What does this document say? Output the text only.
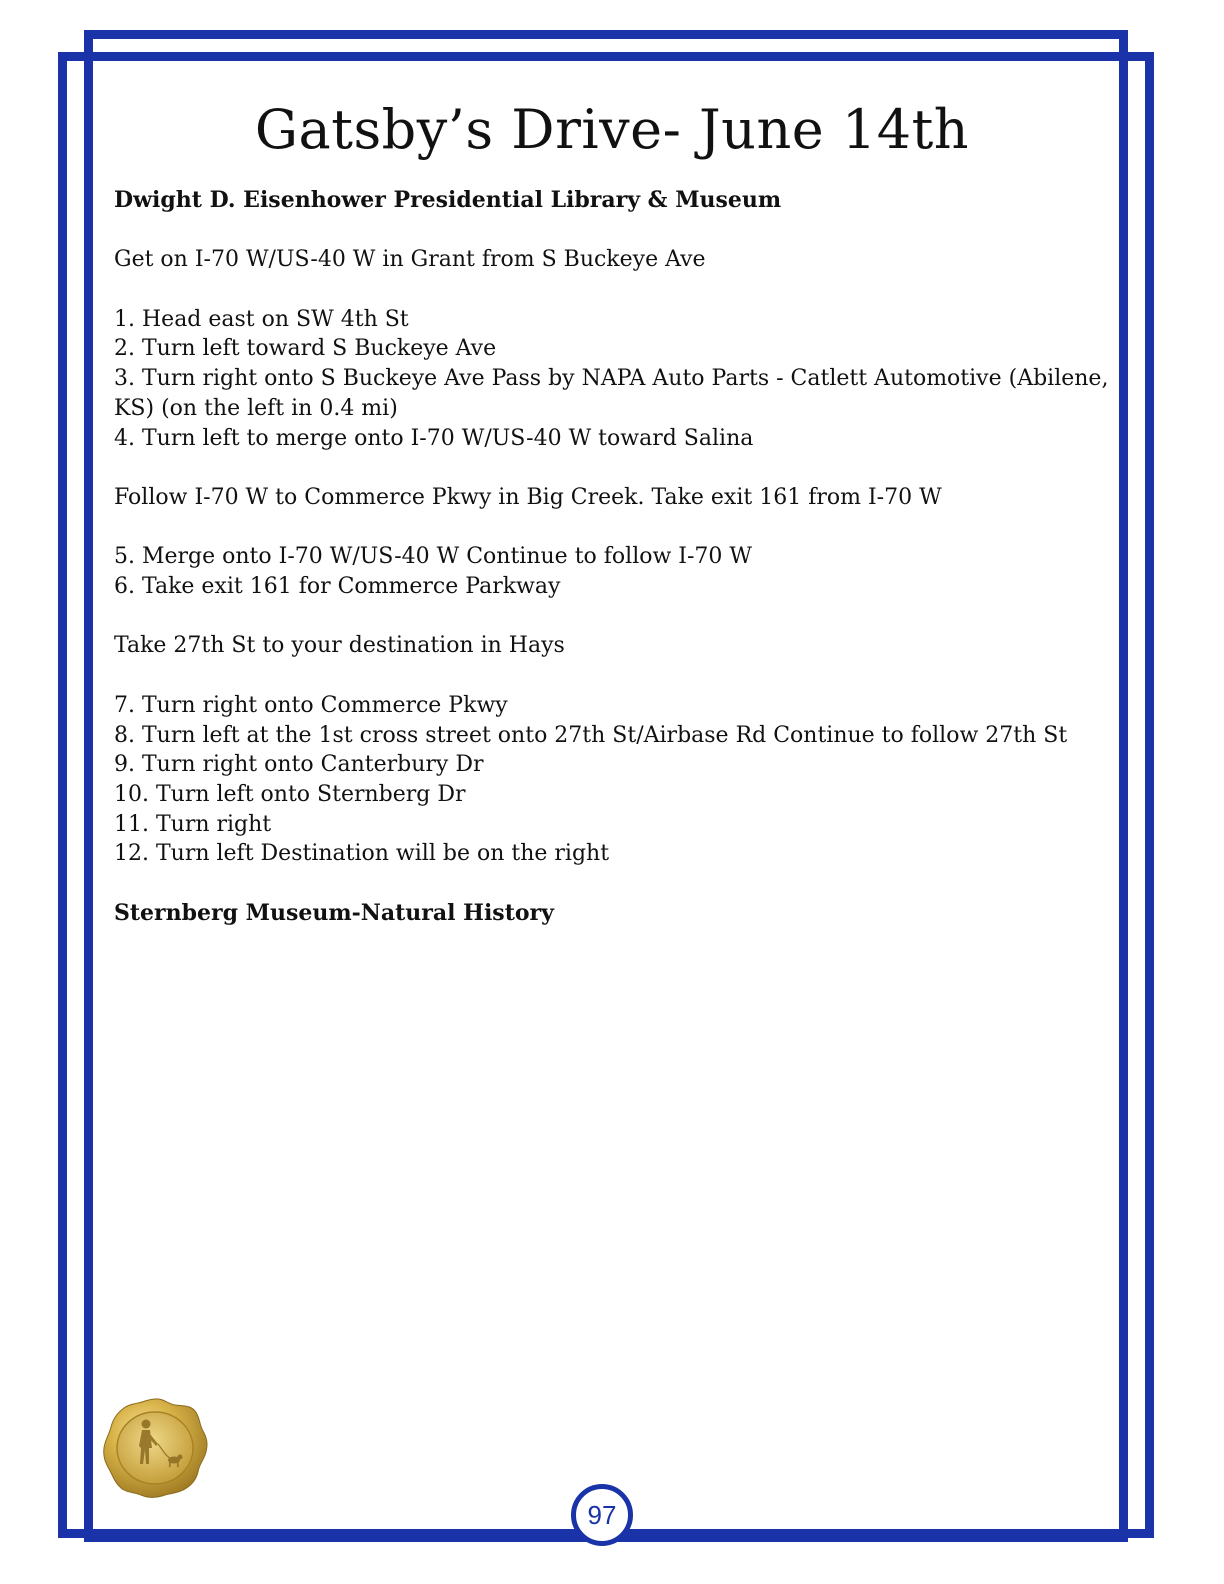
Gatsby’s Drive- June 14th

Dwight D. Eisenhower Presidential Library & Museum

Get on I-70 W/US-40 W in Grant from S Buckeye Ave

1. Head east on SW 4th St
2. Turn left toward S Buckeye Ave
3. Turn right onto S Buckeye Ave Pass by NAPA Auto Parts - Catlett Automotive (Abilene, KS) (on the left in 0.4 mi)
4. Turn left to merge onto I-70 W/US-40 W toward Salina

Follow I-70 W to Commerce Pkwy in Big Creek. Take exit 161 from I-70 W

5. Merge onto I-70 W/US-40 W Continue to follow I-70 W
6. Take exit 161 for Commerce Parkway

Take 27th St to your destination in Hays

7. Turn right onto Commerce Pkwy
8. Turn left at the 1st cross street onto 27th St/Airbase Rd Continue to follow 27th St
9. Turn right onto Canterbury Dr
10. Turn left onto Sternberg Dr
11. Turn right
12. Turn left Destination will be on the right

Sternberg Museum-Natural History

97
